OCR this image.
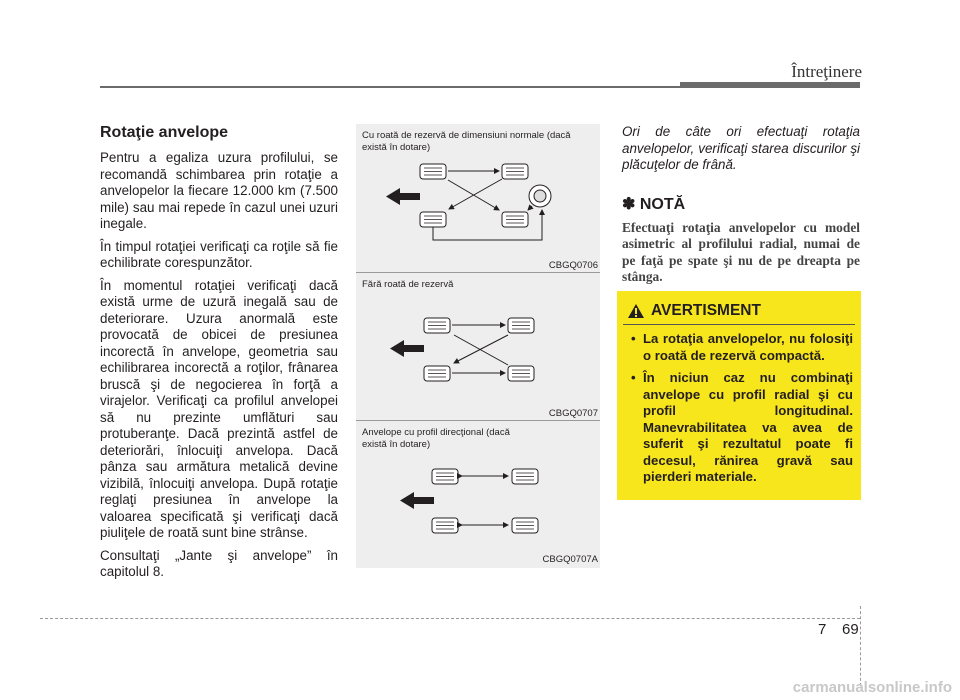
Întreţinere
Rotaţie anvelope

Pentru a egaliza uzura profilului, se recomandă schimbarea prin rotaţie a anvelopelor la fiecare 12.000 km (7.500 mile) sau mai repede în cazul unei uzuri inegale.

În timpul rotaţiei verificaţi ca roţile să fie echilibrate corespunzător.

În momentul rotaţiei verificaţi dacă există urme de uzură inegală sau de deteriorare. Uzura anormală este provocată de obicei de presiunea incorectă în anvelope, geometria sau echilibrarea incorectă a roţilor, frânarea bruscă şi de negocierea în forţă a virajelor. Verificaţi ca profilul anvelopei să nu prezinte umflături sau protuberanţe. Dacă prezintă astfel de deteriorări, înlocuiţi anvelopa. Dacă pânza sau armătura metalică devine vizibilă, înlocuiţi anvelopa. După rotaţie reglaţi presiunea în anvelope la valoarea specificată şi verificaţi dacă piuliţele de roată sunt bine strânse.

Consultaţi „Jante şi anvelope” în capitolul 8.

Cu roată de rezervă de dimensiuni normale (dacă există în dotare)
CBGQ0706
Fără roată de rezervă
CBGQ0707
Anvelope cu profil direcţional (dacă există în dotare)
CBGQ0707A

Ori de câte ori efectuaţi rotaţia anvelopelor, verificaţi starea discurilor şi plăcuţelor de frână.

✽ NOTĂ

Efectuaţi rotaţia anvelopelor cu model asimetric al profilului radial, numai de pe faţă pe spate şi nu de pe dreapta pe stânga.

AVERTISMENT
• La rotaţia anvelopelor, nu folosiţi o roată de rezervă compactă.
• În niciun caz nu combinaţi anvelope cu profil radial şi cu profil longitudinal. Manevrabilitatea va avea de suferit şi rezultatul poate fi decesul, rănirea gravă sau pierderi materiale.
7 69
carmanualsonline.info
